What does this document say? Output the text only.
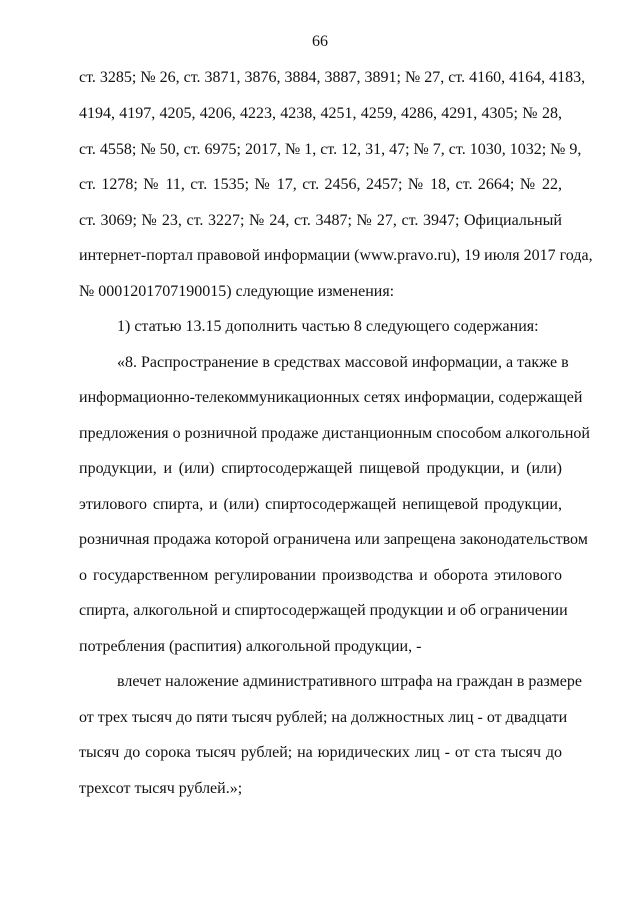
66
ст. 3285; № 26, ст. 3871, 3876, 3884, 3887, 3891; № 27, ст. 4160, 4164, 4183,
4194, 4197, 4205, 4206, 4223, 4238, 4251, 4259, 4286, 4291, 4305; № 28,
ст. 4558; № 50, ст. 6975; 2017, № 1, ст. 12, 31, 47; № 7, ст. 1030, 1032; № 9,
ст. 1278; № 11, ст. 1535; № 17, ст. 2456, 2457; № 18, ст. 2664; № 22,
ст. 3069; № 23, ст. 3227; № 24, ст. 3487; № 27, ст. 3947; Официальный
интернет-портал правовой информации (www.pravo.ru), 19 июля 2017 года,
№ 0001201707190015) следующие изменения:
1) статью 13.15 дополнить частью 8 следующего содержания:
«8. Распространение в средствах массовой информации, а также в
информационно-телекоммуникационных сетях информации, содержащей
предложения о розничной продаже дистанционным способом алкогольной
продукции, и (или) спиртосодержащей пищевой продукции, и (или)
этилового спирта, и (или) спиртосодержащей непищевой продукции,
розничная продажа которой ограничена или запрещена законодательством
о государственном регулировании производства и оборота этилового
спирта, алкогольной и спиртосодержащей продукции и об ограничении
потребления (распития) алкогольной продукции, -
влечет наложение административного штрафа на граждан в размере
от трех тысяч до пяти тысяч рублей; на должностных лиц - от двадцати
тысяч до сорока тысяч рублей; на юридических лиц - от ста тысяч до
трехсот тысяч рублей.»;
